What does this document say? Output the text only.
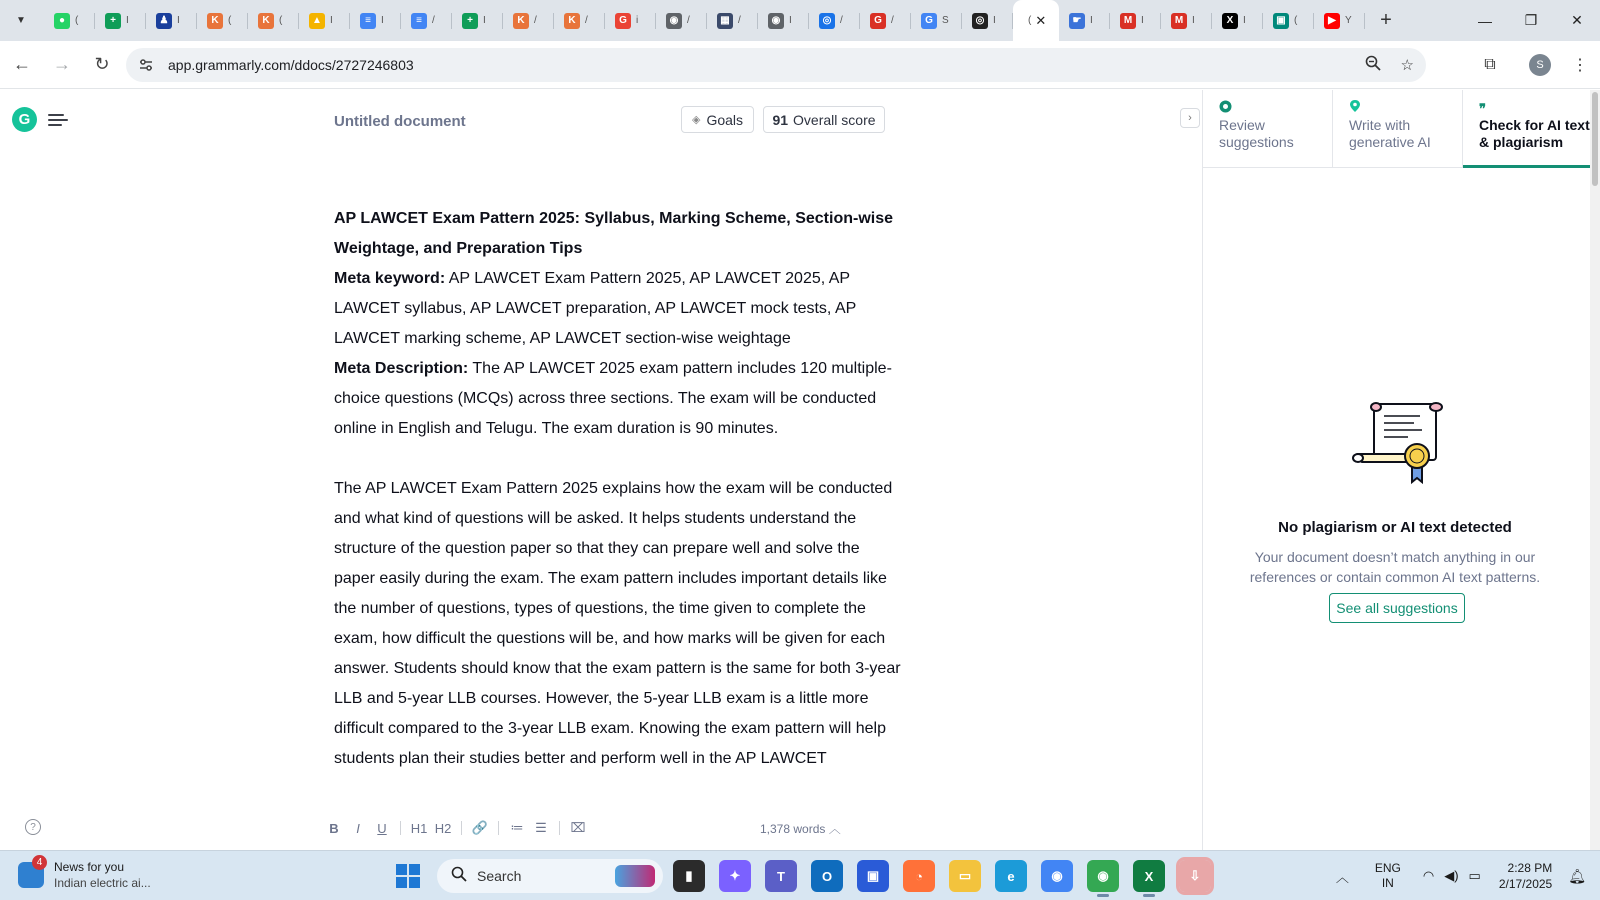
▼	● (	+	I	♟ I	K (	K (	▲ I	≡	I	≡	/	+	I	K /	K /	G i	◉ /	▦ /	◉ I	◎ /	G /	G S	◎ I	( ✕	☛ I	M I	M I	X I	▣ (	▶ Y	+	—	❐	✕
← → ↻	app.grammarly.com/ddocs/2727246803	☆	⧉	S	⋮
G	Untitled document	◈ Goals 91 Overall score	›

AP LAWCET Exam Pattern 2025: Syllabus, Marking Scheme, Section-wise Weightage, and Preparation Tips

Meta keyword: AP LAWCET Exam Pattern 2025, AP LAWCET 2025, AP LAWCET syllabus, AP LAWCET preparation, AP LAWCET mock tests, AP LAWCET marking scheme, AP LAWCET section-wise weightage

Meta Description: The AP LAWCET 2025 exam pattern includes 120 multiple-choice questions (MCQs) across three sections. The exam will be conducted online in English and Telugu. The exam duration is 90 minutes.

The AP LAWCET Exam Pattern 2025 explains how the exam will be conducted and what kind of questions will be asked. It helps students understand the structure of the question paper so that they can prepare well and solve the paper easily during the exam. The exam pattern includes important details like the number of questions, types of questions, the time given to complete the exam, how difficult the questions will be, and how marks will be given for each answer. Students should know that the exam pattern is the same for both 3-year LLB and 5-year LLB courses. However, the 5-year LLB exam is a little more difficult compared to the 3-year LLB exam. Knowing the exam pattern will help students plan their studies better and perform well in the AP LAWCET

?	B	I	U	H1 H2	🔗	≔ ☰	⌧	1,378 words ︿
Review suggestions
Write with generative AI
❞
Check for AI text & plagiarism
No plagiarism or AI text detected
Your document doesn’t match anything in our references or contain common AI text patterns.
See all suggestions
4 News for you
Indian electric ai...	Search	▮	✦	T	O	▣	◔	▭	e	◉	◉	X	⇩	︿
ENG
IN	◠ ◀) ▭	2:28 PM
2/17/2025
🔔︎
